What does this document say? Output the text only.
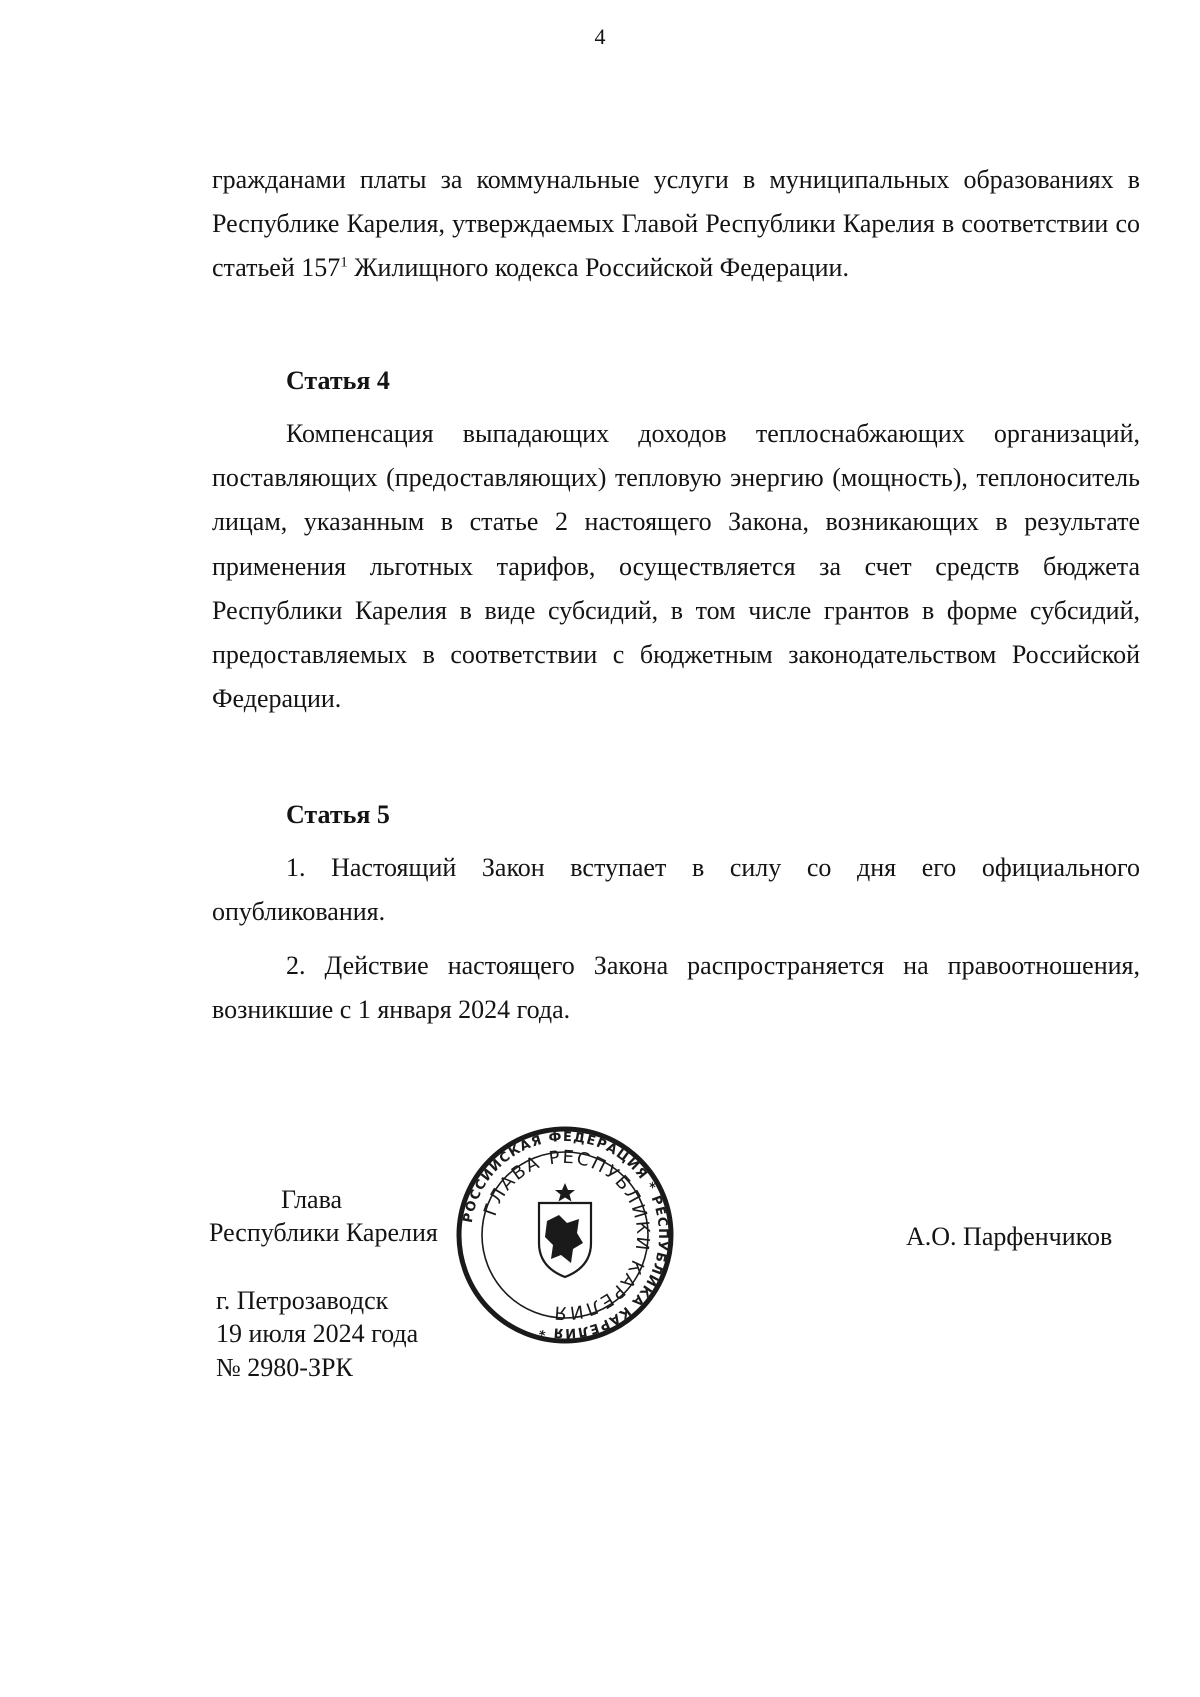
4

гражданами платы за коммунальные услуги в муниципальных образованиях в Республике Карелия, утверждаемых Главой Республики Карелия в соответствии со статьей $157^1$ Жилищного кодекса Российской Федерации.

Статья 4

Компенсация выпадающих доходов теплоснабжающих организаций, поставляющих (предоставляющих) тепловую энергию (мощность), теплоноситель лицам, указанным в статье 2 настоящего Закона, возникающих в результате применения льготных тарифов, осуществляется за счет средств бюджета Республики Карелия в виде субсидий, в том числе грантов в форме субсидий, предоставляемых в соответствии с бюджетным законодательством Российской Федерации.

Статья 5

1. Настоящий Закон вступает в силу со дня его официального опубликования.

2. Действие настоящего Закона распространяется на правоотношения, возникшие с 1 января 2024 года.

Глава
Республики Карелия
РОССИЙСКАЯ ФЕДЕРАЦИЯ * РЕСПУБЛИКА КАРЕЛИЯ *
ГЛАВА РЕСПУБЛИКИ КАРЕЛИЯ
А.О. Парфенчиков
г. Петрозаводск
19 июля 2024 года
№ 2980-ЗРК
